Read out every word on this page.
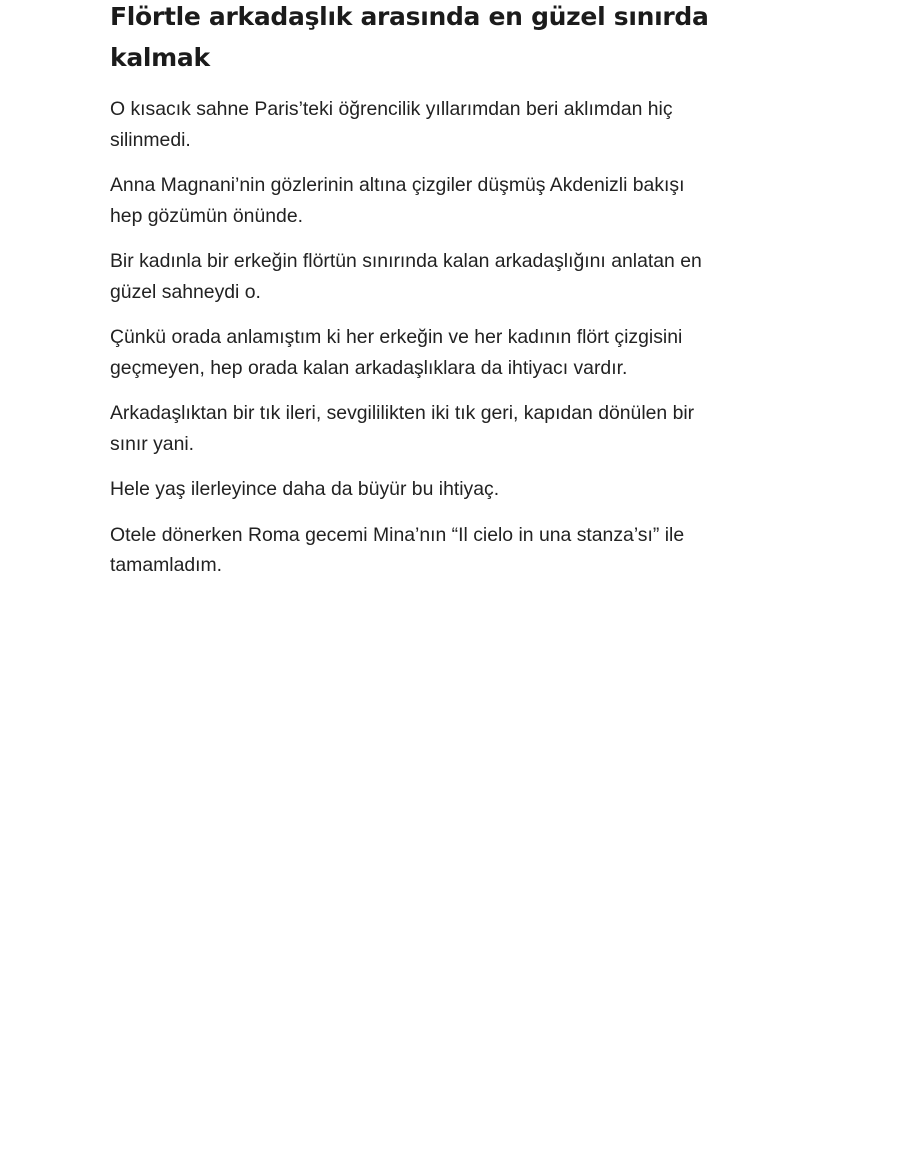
Flörtle arkadaşlık arasında en güzel sınırda kalmak

O kısacık sahne Paris’teki öğrencilik yıllarımdan beri aklımdan hiç silinmedi.

Anna Magnani’nin gözlerinin altına çizgiler düşmüş Akdenizli bakışı hep gözümün önünde.

Bir kadınla bir erkeğin flörtün sınırında kalan arkadaşlığını anlatan en güzel sahneydi o.

Çünkü orada anlamıştım ki her erkeğin ve her kadının flört çizgisini geçmeyen, hep orada kalan arkadaşlıklara da ihtiyacı vardır.

Arkadaşlıktan bir tık ileri, sevgililikten iki tık geri, kapıdan dönülen bir sınır yani.

Hele yaş ilerleyince daha da büyür bu ihtiyaç.

Otele dönerken Roma gecemi Mina’nın “Il cielo in una stanza’sı” ile tamamladım.
